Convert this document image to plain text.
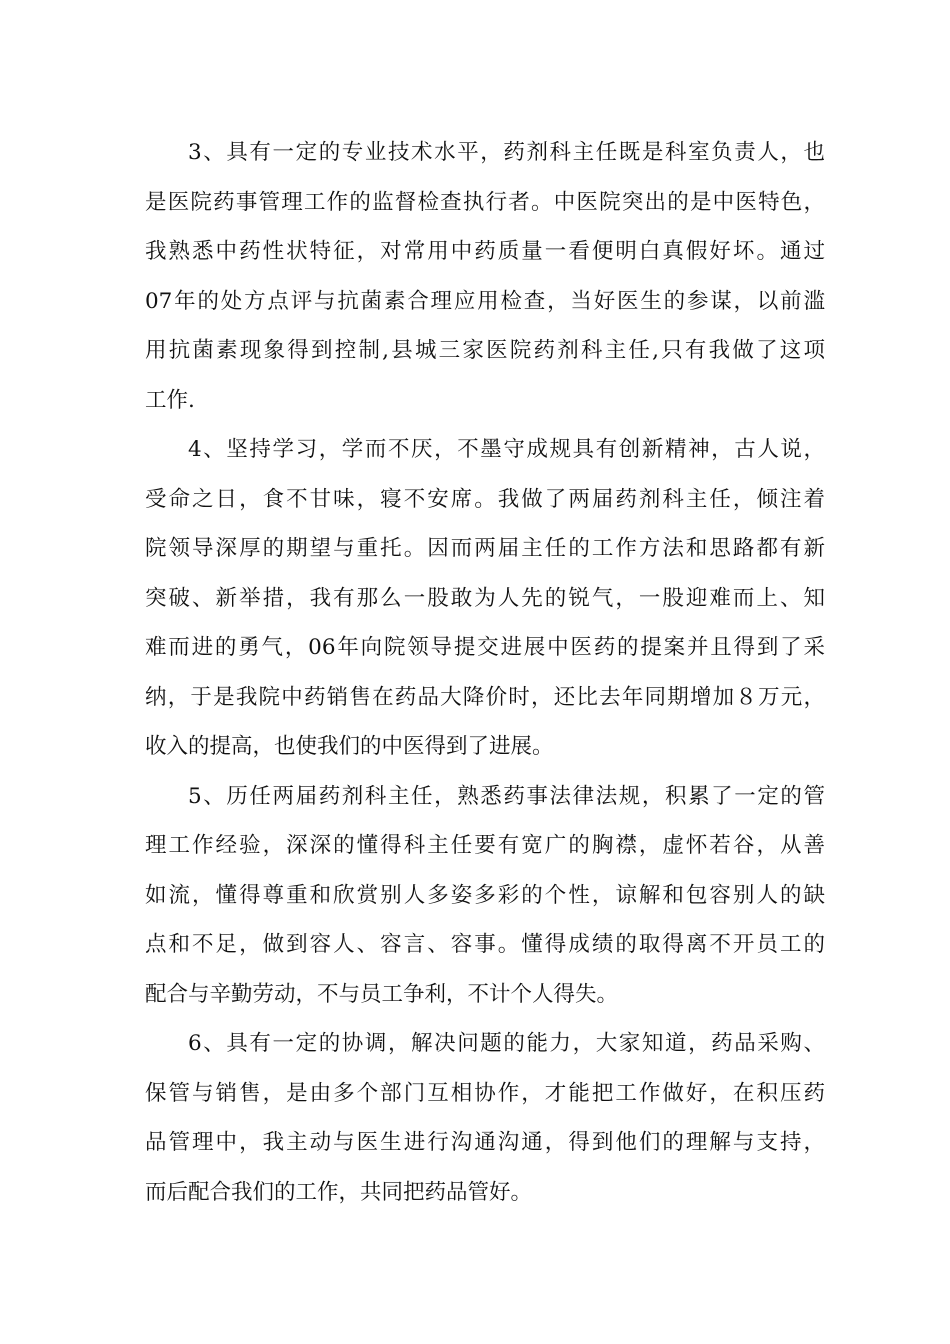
3、具有一定的专业技术水平，药剂科主任既是科室负责人，也
是医院药事管理工作的监督检查执行者。中医院突出的是中医特色，
我熟悉中药性状特征，对常用中药质量一看便明白真假好坏。通过
07年的处方点评与抗菌素合理应用检查，当好医生的参谋，以前滥
用抗菌素现象得到控制,县城三家医院药剂科主任,只有我做了这项
工作.
4、坚持学习，学而不厌，不墨守成规具有创新精神，古人说，
受命之日，食不甘味，寝不安席。我做了两届药剂科主任，倾注着
院领导深厚的期望与重托。因而两届主任的工作方法和思路都有新
突破、新举措，我有那么一股敢为人先的锐气，一股迎难而上、知
难而进的勇气，06年向院领导提交进展中医药的提案并且得到了采
纳，于是我院中药销售在药品大降价时，还比去年同期增加８万元，
收入的提高，也使我们的中医得到了进展。
5、历任两届药剂科主任，熟悉药事法律法规，积累了一定的管
理工作经验，深深的懂得科主任要有宽广的胸襟，虚怀若谷，从善
如流，懂得尊重和欣赏别人多姿多彩的个性，谅解和包容别人的缺
点和不足，做到容人、容言、容事。懂得成绩的取得离不开员工的
配合与辛勤劳动，不与员工争利，不计个人得失。
6、具有一定的协调，解决问题的能力，大家知道，药品采购、
保管与销售，是由多个部门互相协作，才能把工作做好，在积压药
品管理中，我主动与医生进行沟通沟通，得到他们的理解与支持，
而后配合我们的工作，共同把药品管好。
